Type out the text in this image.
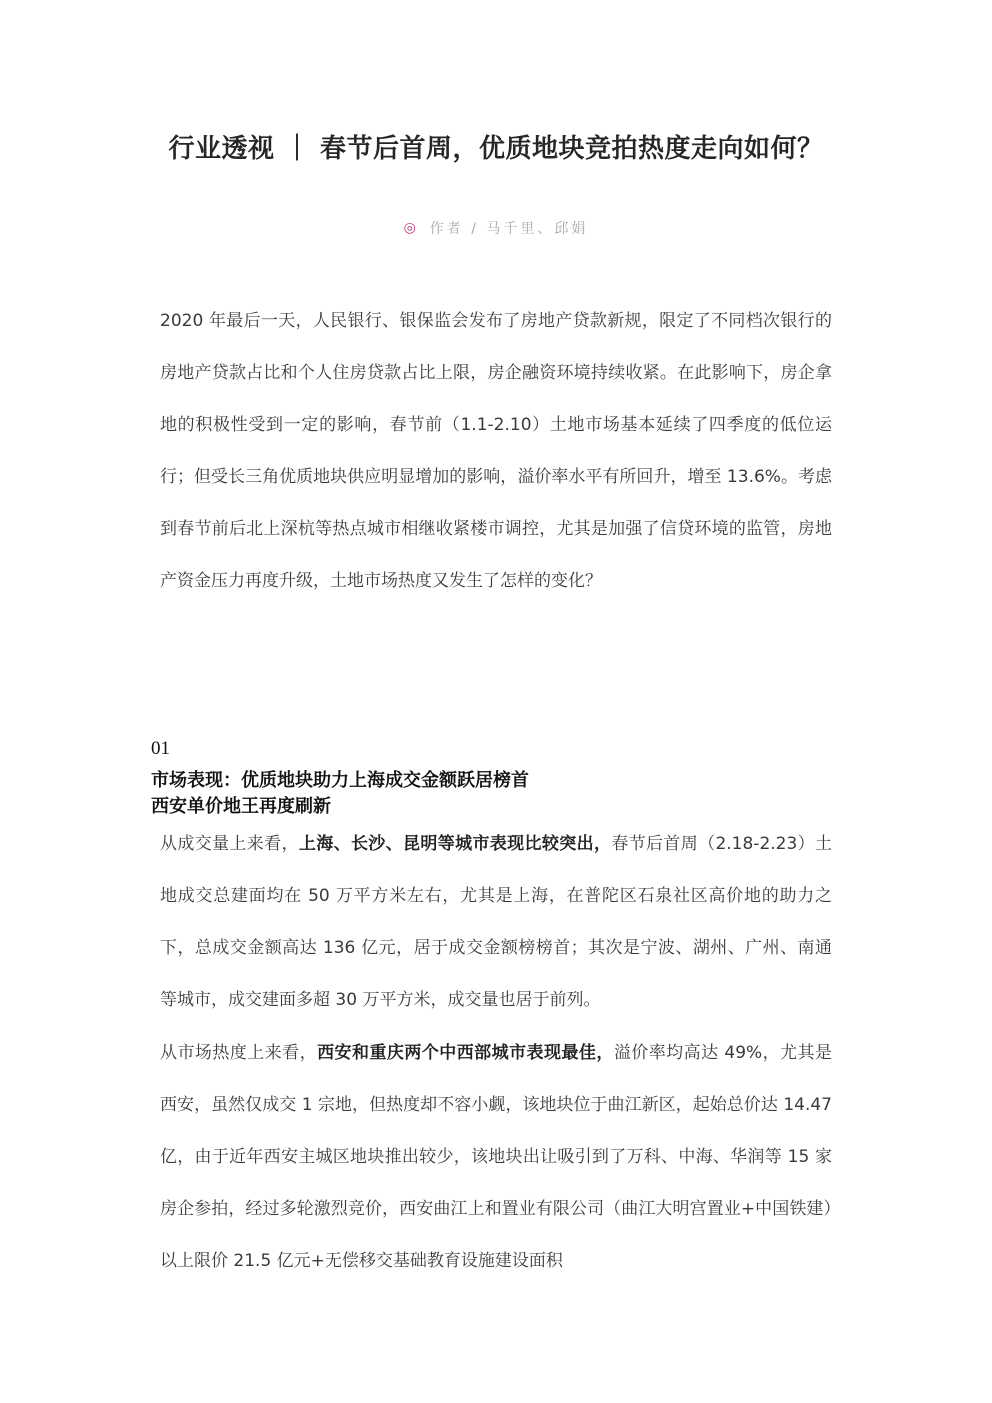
行业透视 ｜ 春节后首周，优质地块竞拍热度走向如何？
◎ 作者 / 马千里、邱娟

2020 年最后一天，人民银行、银保监会发布了房地产贷款新规，限定了不同档次银行的房地产贷款占比和个人住房贷款占比上限，房企融资环境持续收紧。在此影响下，房企拿地的积极性受到一定的影响，春节前（1.1-2.10）土地市场基本延续了四季度的低位运行；但受长三角优质地块供应明显增加的影响，溢价率水平有所回升，增至 13.6%。考虑到春节前后北上深杭等热点城市相继收紧楼市调控，尤其是加强了信贷环境的监管，房地产资金压力再度升级，土地市场热度又发生了怎样的变化？

01
市场表现：优质地块助力上海成交金额跃居榜首
西安单价地王再度刷新

从成交量上来看，上海、长沙、昆明等城市表现比较突出，春节后首周（2.18-2.23）土地成交总建面均在 50 万平方米左右，尤其是上海，在普陀区石泉社区高价地的助力之下，总成交金额高达 136 亿元，居于成交金额榜榜首；其次是宁波、湖州、广州、南通等城市，成交建面多超 30 万平方米，成交量也居于前列。

从市场热度上来看，西安和重庆两个中西部城市表现最佳，溢价率均高达 49%，尤其是西安，虽然仅成交 1 宗地，但热度却不容小觑，该地块位于曲江新区，起始总价达 14.47 亿，由于近年西安主城区地块推出较少，该地块出让吸引到了万科、中海、华润等 15 家房企参拍，经过多轮激烈竞价，西安曲江上和置业有限公司（曲江大明宫置业+中国铁建）以上限价 21.5 亿元+无偿移交基础教育设施建设面积
